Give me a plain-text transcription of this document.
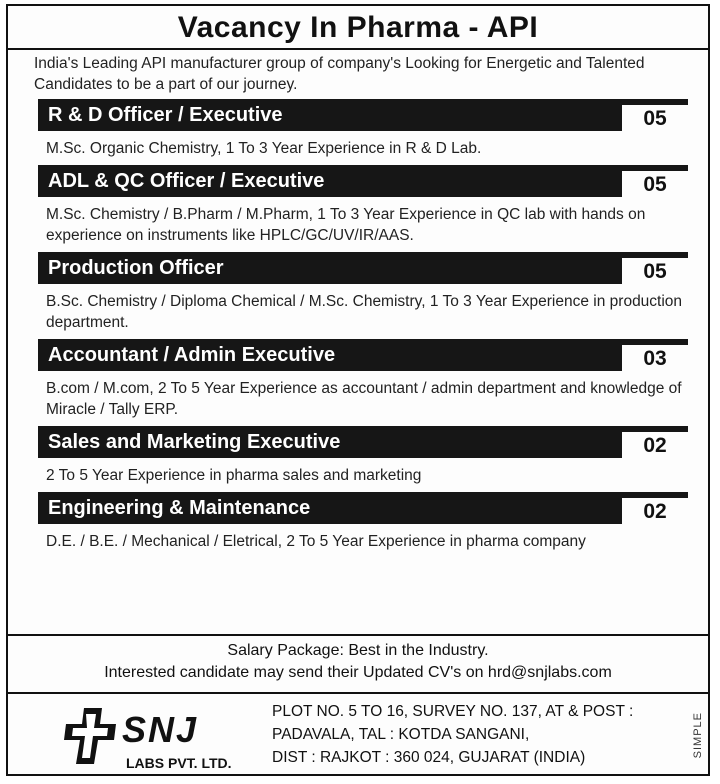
Vacancy In Pharma - API
India's Leading API manufacturer group of company's Looking for Energetic and Talented Candidates to be a part of our journey.
R & D Officer / Executive	05
M.Sc. Organic Chemistry, 1 To 3 Year Experience in R & D Lab.
ADL & QC Officer / Executive	05
M.Sc. Chemistry / B.Pharm / M.Pharm, 1 To 3 Year Experience in QC lab with hands on experience on instruments like HPLC/GC/UV/IR/AAS.
Production Officer	05
B.Sc. Chemistry / Diploma Chemical / M.Sc. Chemistry, 1 To 3 Year Experience in production department.
Accountant / Admin Executive	03
B.com / M.com, 2 To 5 Year Experience as accountant / admin department and knowledge of Miracle / Tally ERP.
Sales and Marketing Executive	02
2 To 5 Year Experience in pharma sales and marketing
Engineering & Maintenance	02
D.E. / B.E. / Mechanical / Eletrical, 2 To 5 Year Experience in pharma company
Salary Package: Best in the Industry.
Interested candidate may send their Updated CV's on hrd@snjlabs.com
SNJ
LABS PVT. LTD.
PLOT NO. 5 TO 16, SURVEY NO. 137, AT & POST :
PADAVALA, TAL : KOTDA SANGANI,
DIST : RAJKOT : 360 024, GUJARAT (INDIA)	SIMPLE
